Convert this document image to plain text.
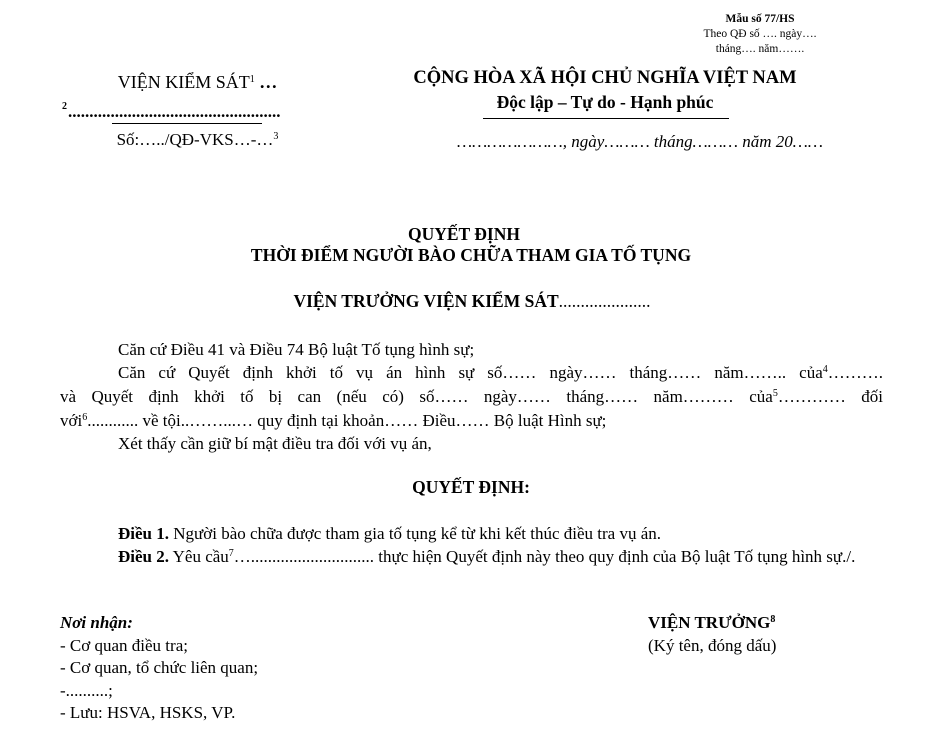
Mẫu số 77/HS
Theo QĐ số …. ngày….
tháng…. năm…….
VIỆN KIỂM SÁT$^1$ …
$^2$..................................................
Số:…../QĐ-VKS…-…$^3$
CỘNG HÒA XÃ HỘI CHỦ NGHĨA VIỆT NAM
Độc lập – Tự do - Hạnh phúc
…………………, ngày……… tháng……… năm 20……
QUYẾT ĐỊNH
THỜI ĐIỂM NGƯỜI BÀO CHỮA THAM GIA TỐ TỤNG
VIỆN TRƯỞNG VIỆN KIỂM SÁT.....................
Căn cứ Điều 41 và Điều 74 Bộ luật Tố tụng hình sự;
Căn cứ Quyết định khởi tố vụ án hình sự số…… ngày…… tháng…… năm…….. của$^4$……….
và Quyết định khởi tố bị can (nếu có) số…… ngày…… tháng…… năm……… của$^5$………… đối
với$^6$............ về tội..……...… quy định tại khoản…… Điều…… Bộ luật Hình sự;
Xét thấy cần giữ bí mật điều tra đối với vụ án,
QUYẾT ĐỊNH:
Điều 1. Người bào chữa được tham gia tố tụng kể từ khi kết thúc điều tra vụ án.
Điều 2. Yêu cầu$^7$…............................. thực hiện Quyết định này theo quy định của Bộ luật Tố tụng hình sự./.
Nơi nhận:
- Cơ quan điều tra;
- Cơ quan, tổ chức liên quan;
-..........;
- Lưu: HSVA, HSKS, VP.
VIỆN TRƯỞNG$^8$
(Ký tên, đóng dấu)
